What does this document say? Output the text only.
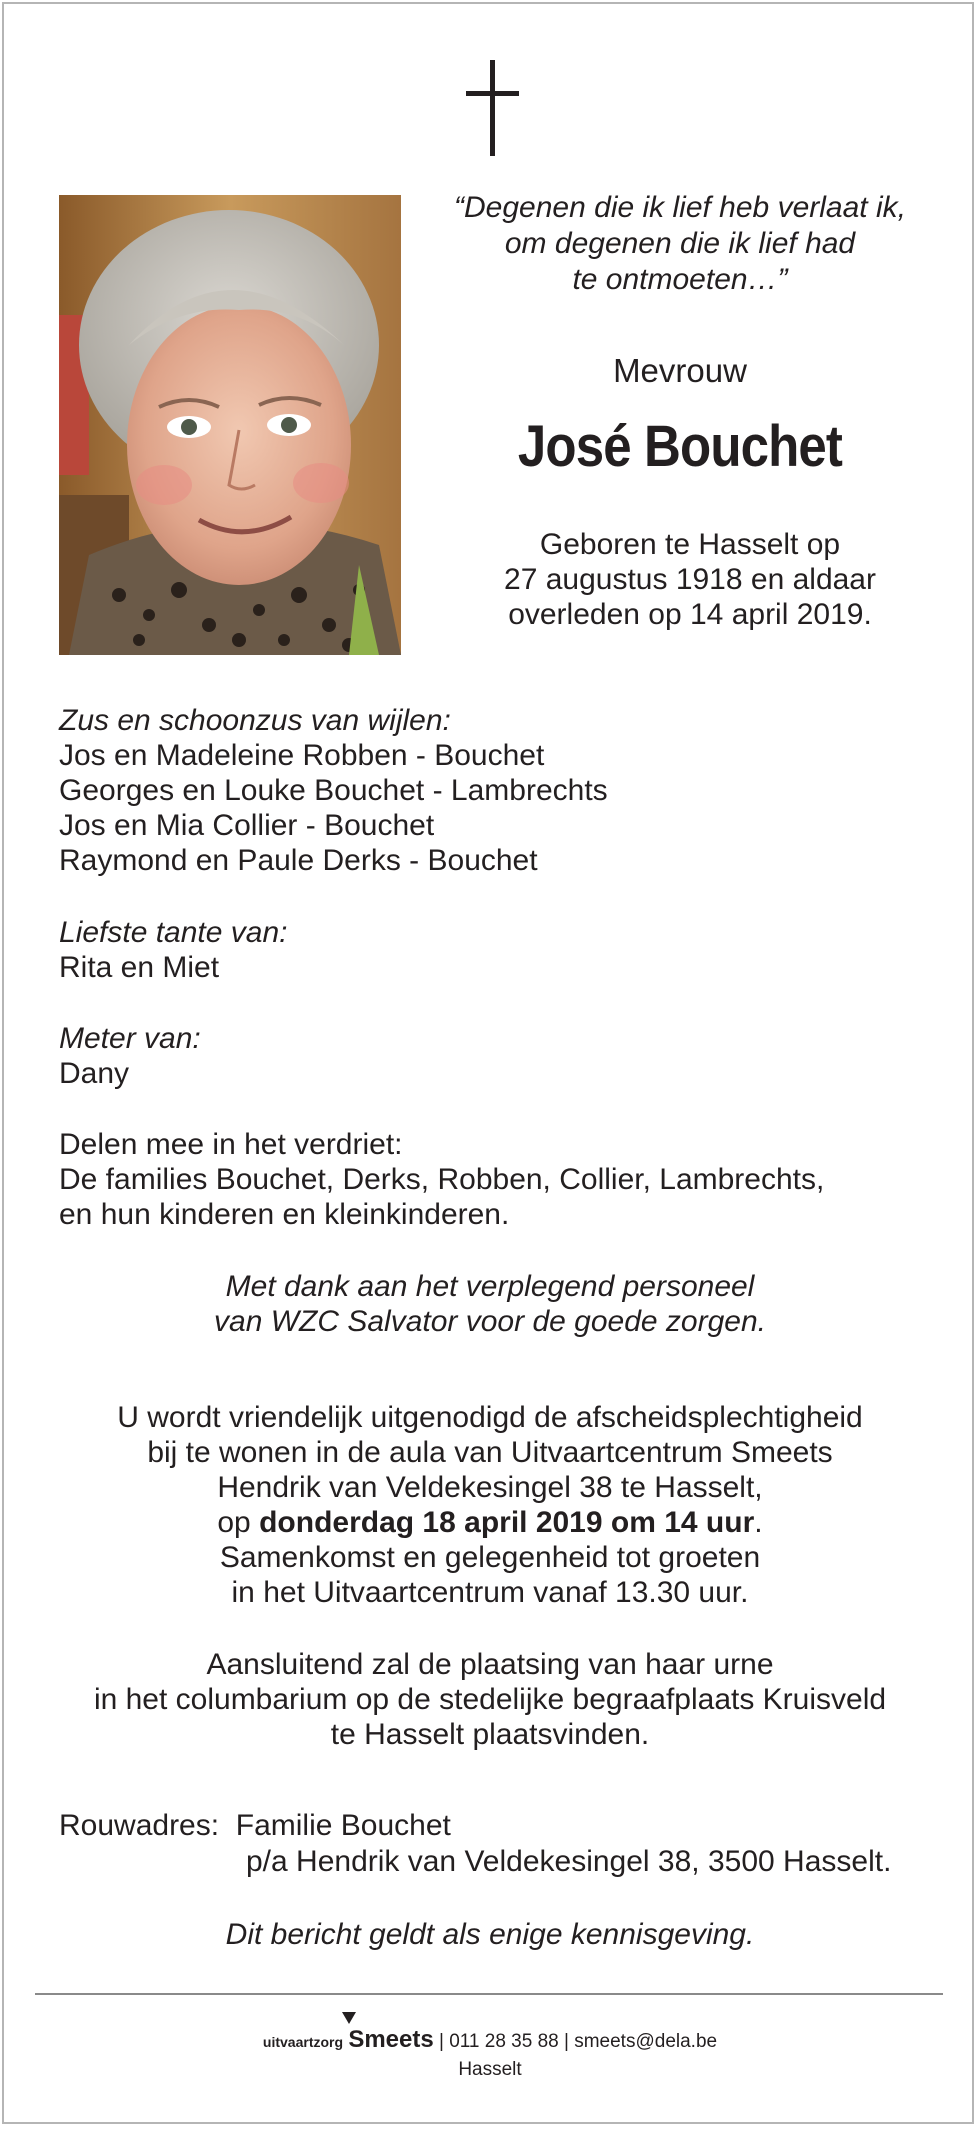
“Degenen die ik lief heb verlaat ik,
om degenen die ik lief had
te ontmoeten…”
Mevrouw
José Bouchet
Geboren te Hasselt op
27 augustus 1918 en aldaar
overleden op 14 april 2019.
Zus en schoonzus van wijlen:
Jos en Madeleine Robben - Bouchet
Georges en Louke Bouchet - Lambrechts
Jos en Mia Collier - Bouchet
Raymond en Paule Derks - Bouchet
Liefste tante van:
Rita en Miet
Meter van:
Dany
Delen mee in het verdriet:
De families Bouchet, Derks, Robben, Collier, Lambrechts,
en hun kinderen en kleinkinderen.
Met dank aan het verplegend personeel
van WZC Salvator voor de goede zorgen.
U wordt vriendelijk uitgenodigd de afscheidsplechtigheid
bij te wonen in de aula van Uitvaartcentrum Smeets
Hendrik van Veldekesingel 38 te Hasselt,
op donderdag 18 april 2019 om 14 uur.
Samenkomst en gelegenheid tot groeten
in het Uitvaartcentrum vanaf 13.30 uur.
Aansluitend zal de plaatsing van haar urne
in het columbarium op de stedelijke begraafplaats Kruisveld
te Hasselt plaatsvinden.
Rouwadres: Familie Bouchet
p/a Hendrik van Veldekesingel 38, 3500 Hasselt.
Dit bericht geldt als enige kennisgeving.
uitvaartzorg Smeets | 011 28 35 88 | smeets@dela.be
Hasselt
